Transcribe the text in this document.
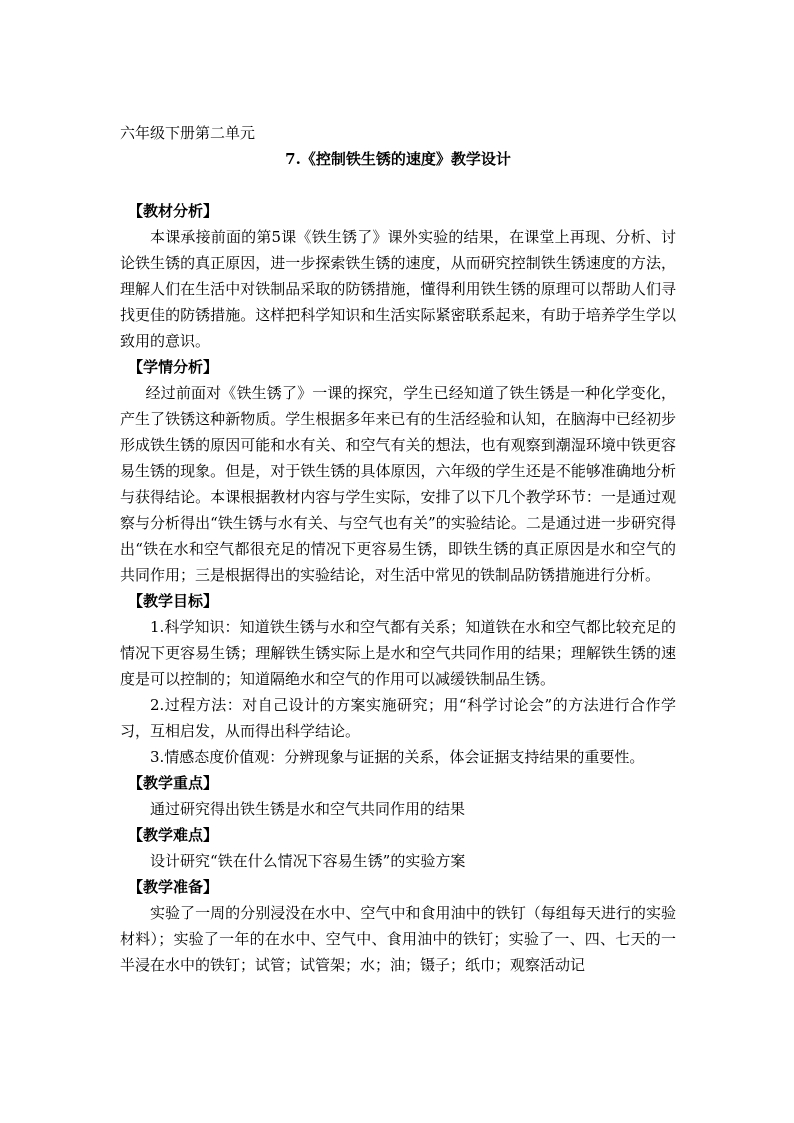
六年级下册第二单元

7.《控制铁生锈的速度》教学设计

【教材分析】

本课承接前面的第5课《铁生锈了》课外实验的结果，在课堂上再现、分析、讨论铁生锈的真正原因，进一步探索铁生锈的速度，从而研究控制铁生锈速度的方法，理解人们在生活中对铁制品采取的防锈措施，懂得利用铁生锈的原理可以帮助人们寻找更佳的防锈措施。这样把科学知识和生活实际紧密联系起来，有助于培养学生学以致用的意识。

【学情分析】

经过前面对《铁生锈了》一课的探究，学生已经知道了铁生锈是一种化学变化，产生了铁锈这种新物质。学生根据多年来已有的生活经验和认知，在脑海中已经初步形成铁生锈的原因可能和水有关、和空气有关的想法，也有观察到潮湿环境中铁更容易生锈的现象。但是，对于铁生锈的具体原因，六年级的学生还是不能够准确地分析与获得结论。本课根据教材内容与学生实际，安排了以下几个教学环节：一是通过观察与分析得出“铁生锈与水有关、与空气也有关”的实验结论。二是通过进一步研究得出“铁在水和空气都很充足的情况下更容易生锈，即铁生锈的真正原因是水和空气的共同作用；三是根据得出的实验结论，对生活中常见的铁制品防锈措施进行分析。

【教学目标】

1.科学知识：知道铁生锈与水和空气都有关系；知道铁在水和空气都比较充足的情况下更容易生锈；理解铁生锈实际上是水和空气共同作用的结果；理解铁生锈的速度是可以控制的；知道隔绝水和空气的作用可以减缓铁制品生锈。

2.过程方法：对自己设计的方案实施研究；用“科学讨论会”的方法进行合作学习，互相启发，从而得出科学结论。

3.情感态度价值观：分辨现象与证据的关系，体会证据支持结果的重要性。

【教学重点】

通过研究得出铁生锈是水和空气共同作用的结果

【教学难点】

设计研究“铁在什么情况下容易生锈”的实验方案

【教学准备】

实验了一周的分别浸没在水中、空气中和食用油中的铁钉（每组每天进行的实验材料）；实验了一年的在水中、空气中、食用油中的铁钉；实验了一、四、七天的一半浸在水中的铁钉；试管；试管架；水；油；镊子；纸巾；观察活动记
